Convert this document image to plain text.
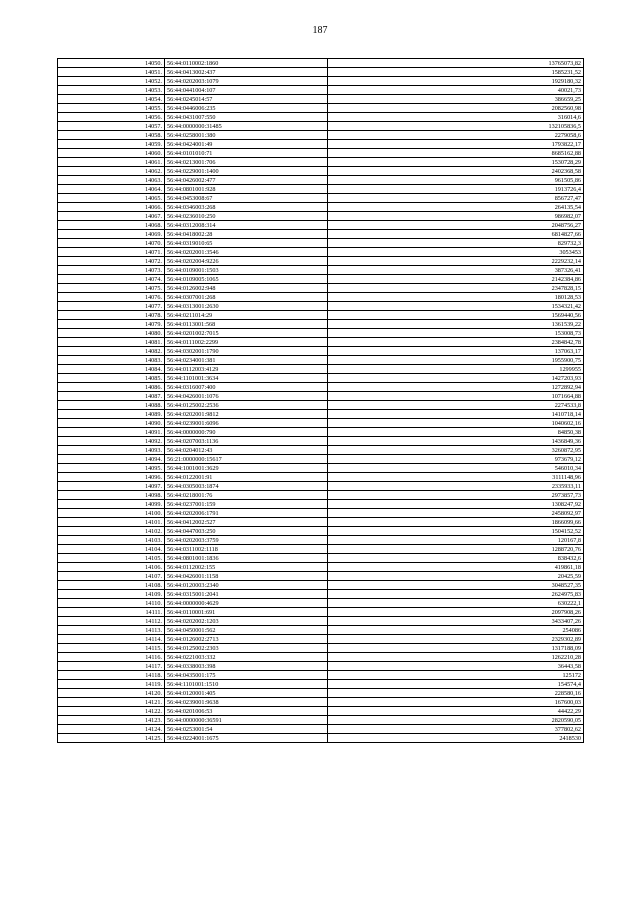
187
14050.	56:44:0110002:1860	13765073,82
14051.	56:44:0413002:437	1585231,52
14052.	56:44:0202003:1079	1929180,32
14053.	56:44:0441004:107	40021,73
14054.	56:44:0245014:57	386659,25
14055.	56:44:0446006:235	2082560,98
14056.	56:44:0431007:550	316014,6
14057.	56:44:0000000:31485	132105836,5
14058.	56:44:0258001:380	2279058,6
14059.	56:44:0424001:49	1793822,17
14060.	56:44:0101010:71	8685162,88
14061.	56:44:0213001:706	1530728,29
14062.	56:44:0229001:1400	2402368,58
14063.	56:44:0426002:477	961505,86
14064.	56:44:0801001:928	1913726,4
14065.	56:44:0453008:67	856727,47
14066.	56:44:0346003:268	264135,54
14067.	56:44:0236010:250	986982,07
14068.	56:44:0312008:314	2048756,27
14069.	56:44:0418002:28	6814827,66
14070.	56:44:0319010:65	829732,3
14071.	56:44:0202001:3546	3053453
14072.	56:44:0202004:9226	2229232,14
14073.	56:44:0109001:1503	387326,41
14074.	56:44:0109005:1065	2142384,86
14075.	56:44:0126002:948	2347828,15
14076.	56:44:0307001:268	180128,53
14077.	56:44:0313001:2630	1534321,42
14078.	56:44:0211014:29	1569440,56
14079.	56:44:0113001:568	1361539,22
14080.	56:44:0201002:7015	153008,73
14081.	56:44:0111002:2299	2384842,78
14082.	56:44:0302001:1790	137063,17
14083.	56:44:0234001:381	1955900,75
14084.	56:44:0112003:4129	1299955
14085.	56:44:1101001:3634	1427203,93
14086.	56:44:0316007:400	1272892,94
14087.	56:44:0426001:1076	1071664,88
14088.	56:44:0125002:2536	2274533,8
14089.	56:44:0202001:9812	1410718,14
14090.	56:44:0239001:6096	1040602,16
14091.	56:44:0000000:790	84850,38
14092.	56:44:0207003:1136	1436849,36
14093.	56:44:0204012:43	3260872,95
14094.	56:21:0000000:15617	973679,12
14095.	56:44:1001001:3629	546010,34
14096.	56:44:0122001:91	3111148,96
14097.	56:44:0305003:1874	2335933,11
14098.	56:44:0218001:76	2973857,73
14099.	56:44:0237001:159	1308247,92
14100.	56:44:0202006:1791	2458092,97
14101.	56:44:0412002:527	1866099,66
14102.	56:44:0447003:250	1504152,52
14103.	56:44:0202003:3759	120167,8
14104.	56:44:0311002:1118	1288720,76
14105.	56:44:0801001:1836	838432,6
14106.	56:44:0112002:155	419861,18
14107.	56:44:0426001:1158	20425,59
14108.	56:44:0120003:2340	3048527,35
14109.	56:44:0315001:2041	2624975,83
14110.	56:44:0000000:4629	630222,1
14111.	56:44:0110001:691	2097908,26
14112.	56:44:0202002:1203	3433407,26
14113.	56:44:0450001:562	254086
14114.	56:44:0126002:2713	2329302,89
14115.	56:44:0125002:2303	1317188,09
14116.	56:44:0221003:332	1262210,28
14117.	56:44:0338003:398	36443,58
14118.	56:44:0435001:175	125172
14119.	56:44:1101001:1510	154574,4
14120.	56:44:0120001:405	228580,16
14121.	56:44:0239001:9638	167600,03
14122.	56:44:0201006:53	44422,29
14123.	56:44:0000000:36591	2820590,05
14124.	56:44:0253001:54	377802,62
14125.	56:44:0224001:1675	2418530
